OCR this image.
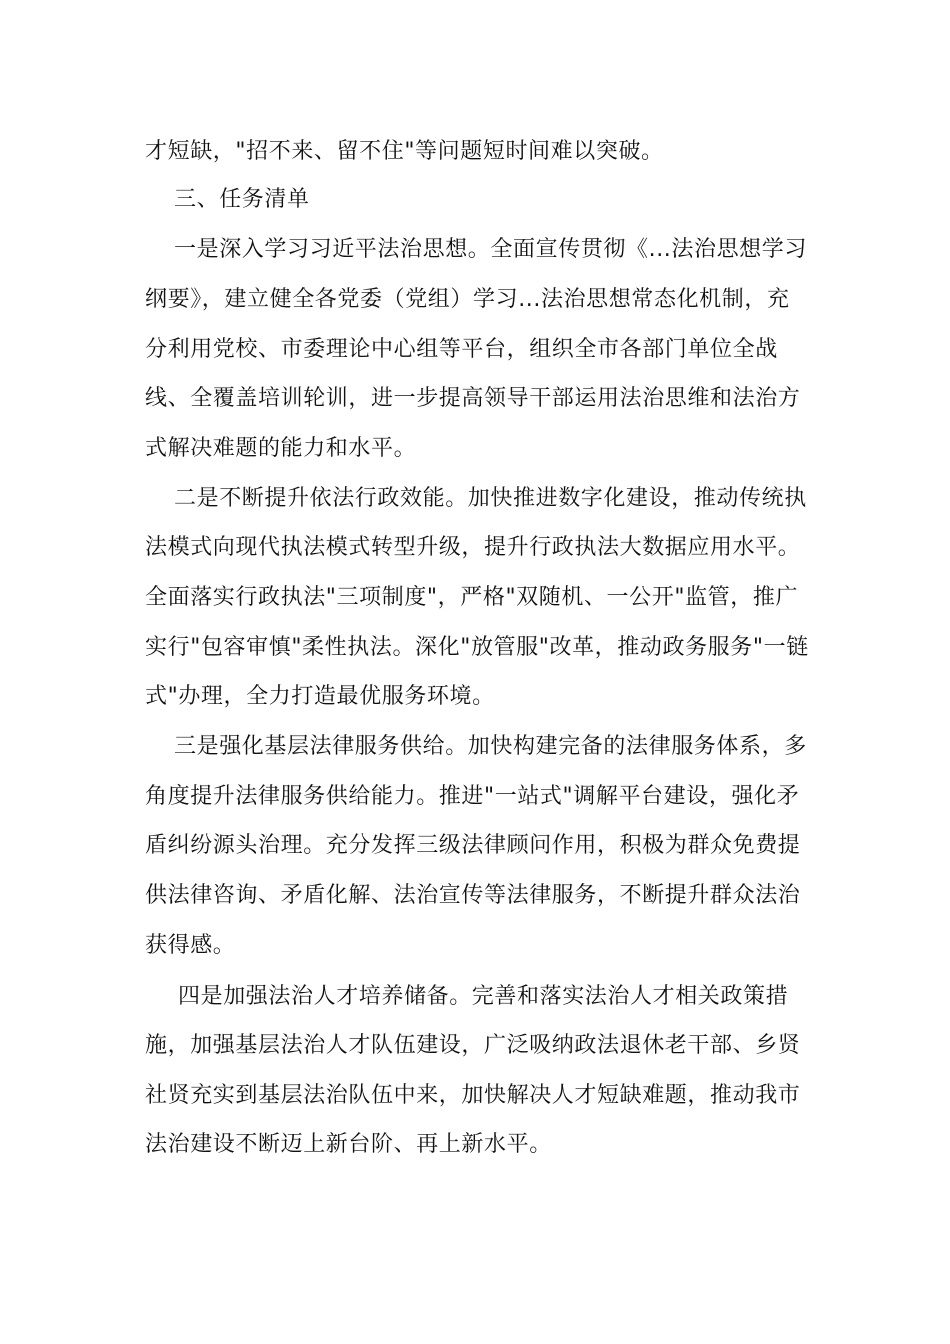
才短缺，"招不来、留不住"等问题短时间难以突破。
三、任务清单
一是深入学习习近平法治思想。全面宣传贯彻《...法治思想学习
纲要》，建立健全各党委（党组）学习...法治思想常态化机制，充
分利用党校、市委理论中心组等平台，组织全市各部门单位全战
线、全覆盖培训轮训，进一步提高领导干部运用法治思维和法治方
式解决难题的能力和水平。
二是不断提升依法行政效能。加快推进数字化建设，推动传统执
法模式向现代执法模式转型升级，提升行政执法大数据应用水平。
全面落实行政执法"三项制度"，严格"双随机、一公开"监管，推广
实行"包容审慎"柔性执法。深化"放管服"改革，推动政务服务"一链
式"办理，全力打造最优服务环境。
三是强化基层法律服务供给。加快构建完备的法律服务体系，多
角度提升法律服务供给能力。推进"一站式"调解平台建设，强化矛
盾纠纷源头治理。充分发挥三级法律顾问作用，积极为群众免费提
供法律咨询、矛盾化解、法治宣传等法律服务，不断提升群众法治
获得感。
四是加强法治人才培养储备。完善和落实法治人才相关政策措
施，加强基层法治人才队伍建设，广泛吸纳政法退休老干部、乡贤
社贤充实到基层法治队伍中来，加快解决人才短缺难题，推动我市
法治建设不断迈上新台阶、再上新水平。
